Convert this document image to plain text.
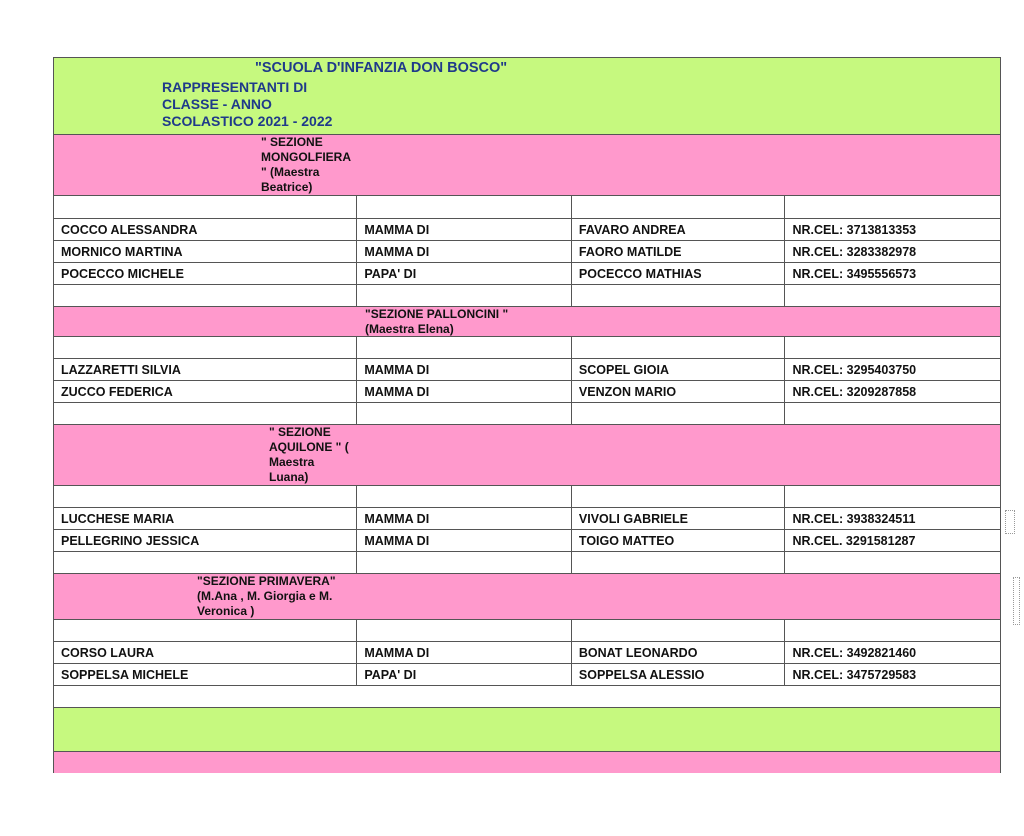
"SCUOLA D'INFANZIA DON BOSCO"
RAPPRESENTANTI DI
CLASSE - ANNO
SCOLASTICO 2021 - 2022
" SEZIONE
MONGOLFIERA
" (Maestra
Beatrice)
COCCO ALESSANDRA	MAMMA DI	FAVARO ANDREA	NR.CEL: 3713813353
MORNICO MARTINA	MAMMA DI	FAORO MATILDE	NR.CEL: 3283382978
POCECCO MICHELE	PAPA' DI	POCECCO MATHIAS	NR.CEL: 3495556573
"SEZIONE PALLONCINI "
(Maestra Elena)
LAZZARETTI SILVIA	MAMMA DI	SCOPEL GIOIA	NR.CEL: 3295403750
ZUCCO FEDERICA	MAMMA DI	VENZON MARIO	NR.CEL: 3209287858
" SEZIONE
AQUILONE " (
Maestra
Luana)
LUCCHESE MARIA	MAMMA DI	VIVOLI GABRIELE	NR.CEL: 3938324511
PELLEGRINO JESSICA	MAMMA DI	TOIGO MATTEO	NR.CEL. 3291581287
"SEZIONE PRIMAVERA"
(M.Ana , M. Giorgia e M.
Veronica )
CORSO LAURA	MAMMA DI	BONAT LEONARDO	NR.CEL: 3492821460
SOPPELSA MICHELE	PAPA' DI	SOPPELSA ALESSIO	NR.CEL: 3475729583
